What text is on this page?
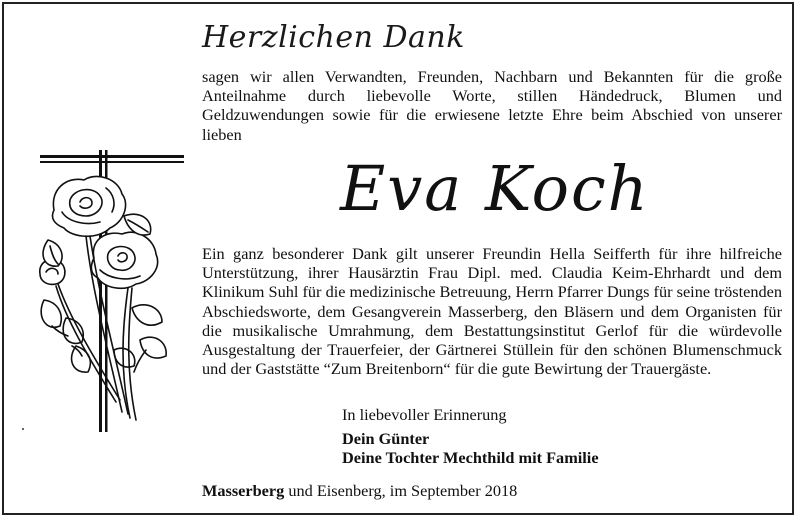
Herzlichen Dank
sagen wir allen Verwandten, Freunden, Nachbarn und Bekannten für die große Anteilnahme durch liebevolle Worte, stillen Händedruck, Blumen und Geldzuwendungen sowie für die erwiesene letzte Ehre beim Abschied von unserer lieben
Eva Koch
Ein ganz besonderer Dank gilt unserer Freundin Hella Seifferth für ihre hilfreiche Unterstützung, ihrer Hausärztin Frau Dipl. med. Claudia Keim-Ehrhardt und dem Klinikum Suhl für die medizinische Betreuung, Herrn Pfarrer Dungs für seine tröstenden Abschiedsworte, dem Gesangverein Masserberg, den Bläsern und dem Organisten für die musikalische Umrahmung, dem Bestattungsinstitut Gerlof für die würdevolle Ausgestaltung der Trauerfeier, der Gärtnerei Stüllein für den schönen Blumenschmuck und der Gaststätte “Zum Breitenborn“ für die gute Bewirtung der Trauergäste.
In liebevoller Erinnerung
Dein Günter
Deine Tochter Mechthild mit Familie
Masserberg und Eisenberg, im September 2018
